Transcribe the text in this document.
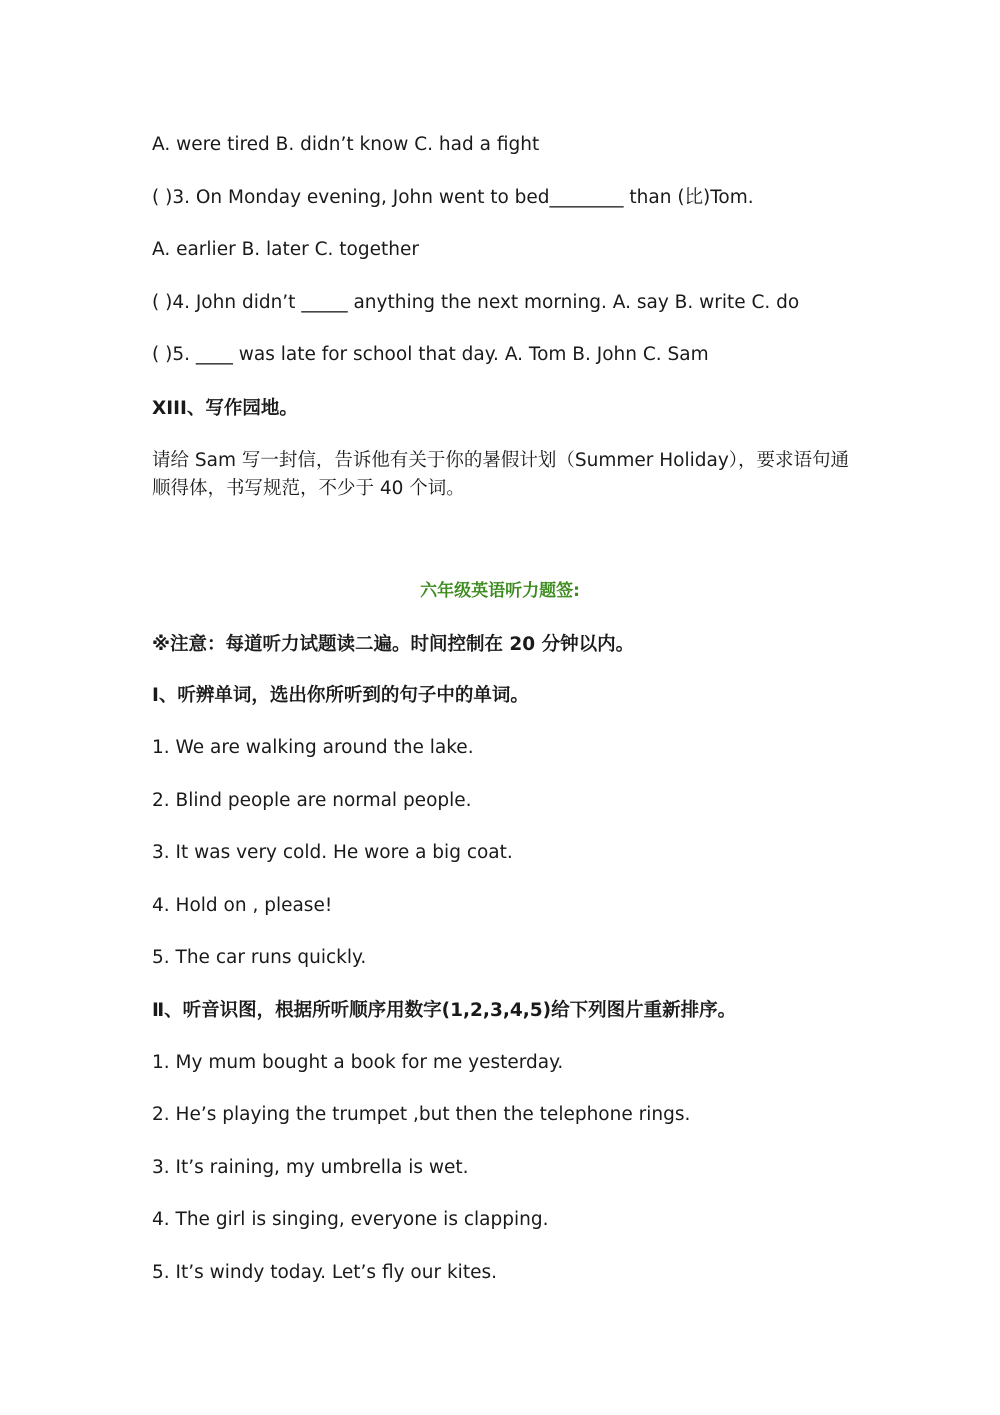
A. were tired B. didn’t know C. had a fight
( )3. On Monday evening, John went to bed________ than (比)Tom.
A. earlier B. later C. together
( )4. John didn’t _____ anything the next morning. A. say B. write C. do
( )5. ____ was late for school that day. A. Tom B. John C. Sam
XIII、写作园地。
请给 Sam 写一封信，告诉他有关于你的暑假计划（Summer Holiday），要求语句通顺得体，书写规范，不少于 40 个词。
六年级英语听力题签:
※注意：每道听力试题读二遍。时间控制在 20 分钟以内。
Ⅰ、听辨单词，选出你所听到的句子中的单词。
1. We are walking around the lake.
2. Blind people are normal people.
3. It was very cold. He wore a big coat.
4. Hold on , please!
5. The car runs quickly.
Ⅱ、听音识图，根据所听顺序用数字(1,2,3,4,5)给下列图片重新排序。
1. My mum bought a book for me yesterday.
2. He’s playing the trumpet ,but then the telephone rings.
3. It’s raining, my umbrella is wet.
4. The girl is singing, everyone is clapping.
5. It’s windy today. Let’s fly our kites.
